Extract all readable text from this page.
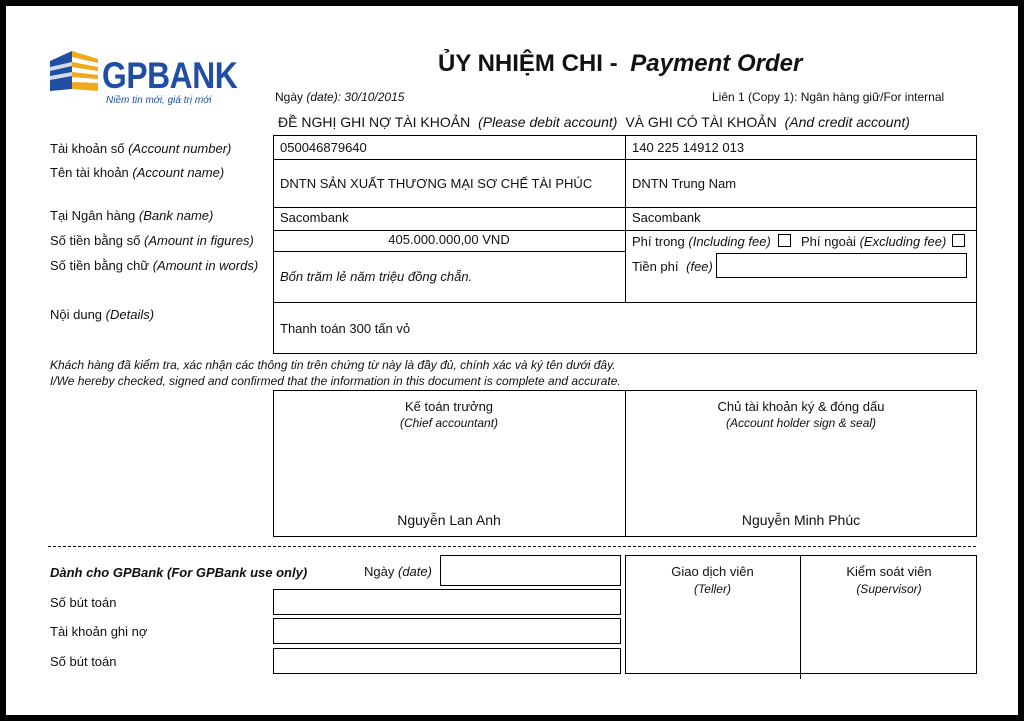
GPBANK
Niềm tin mới, giá trị mới
ỦY NHIỆM CHI - Payment Order
Ngày (date): 30/10/2015	Liên 1 (Copy 1): Ngân hàng giữ/For internal
ĐỀ NGHỊ GHI NỢ TÀI KHOẢN (Please debit account) VÀ GHI CÓ TÀI KHOẢN (And credit account)
Tài khoản số (Account number)
Tên tài khoản (Account name)
Tại Ngân hàng (Bank name)
Số tiền bằng số (Amount in figures)
Số tiền bằng chữ (Amount in words)
Nội dung (Details)
050046879640
DNTN SẢN XUẤT THƯƠNG MẠI SƠ CHẾ TÀI PHÚC
Sacombank
405.000.000,00 VND
Bốn trăm lẻ năm triệu đồng chẵn.
140 225 14912 013
DNTN Trung Nam
Sacombank
Phí trong (Including fee) Phí ngoài (Excluding fee)
Tiền phí (fee)
Thanh toán 300 tấn vỏ
Khách hàng đã kiểm tra, xác nhận các thông tin trên chứng từ này là đầy đủ, chính xác và ký tên dưới đây.
I/We hereby checked, signed and confirmed that the information in this document is complete and accurate.
Kế toán trưởng
(Chief accountant)
Nguyễn Lan Anh
Chủ tài khoản ký & đóng dấu
(Account holder sign & seal)
Nguyễn Minh Phúc
Dành cho GPBank (For GPBank use only)	Ngày (date)
Số bút toán
Tài khoản ghi nợ
Số bút toán
Giao dịch viên
(Teller)
Kiểm soát viên
(Supervisor)
